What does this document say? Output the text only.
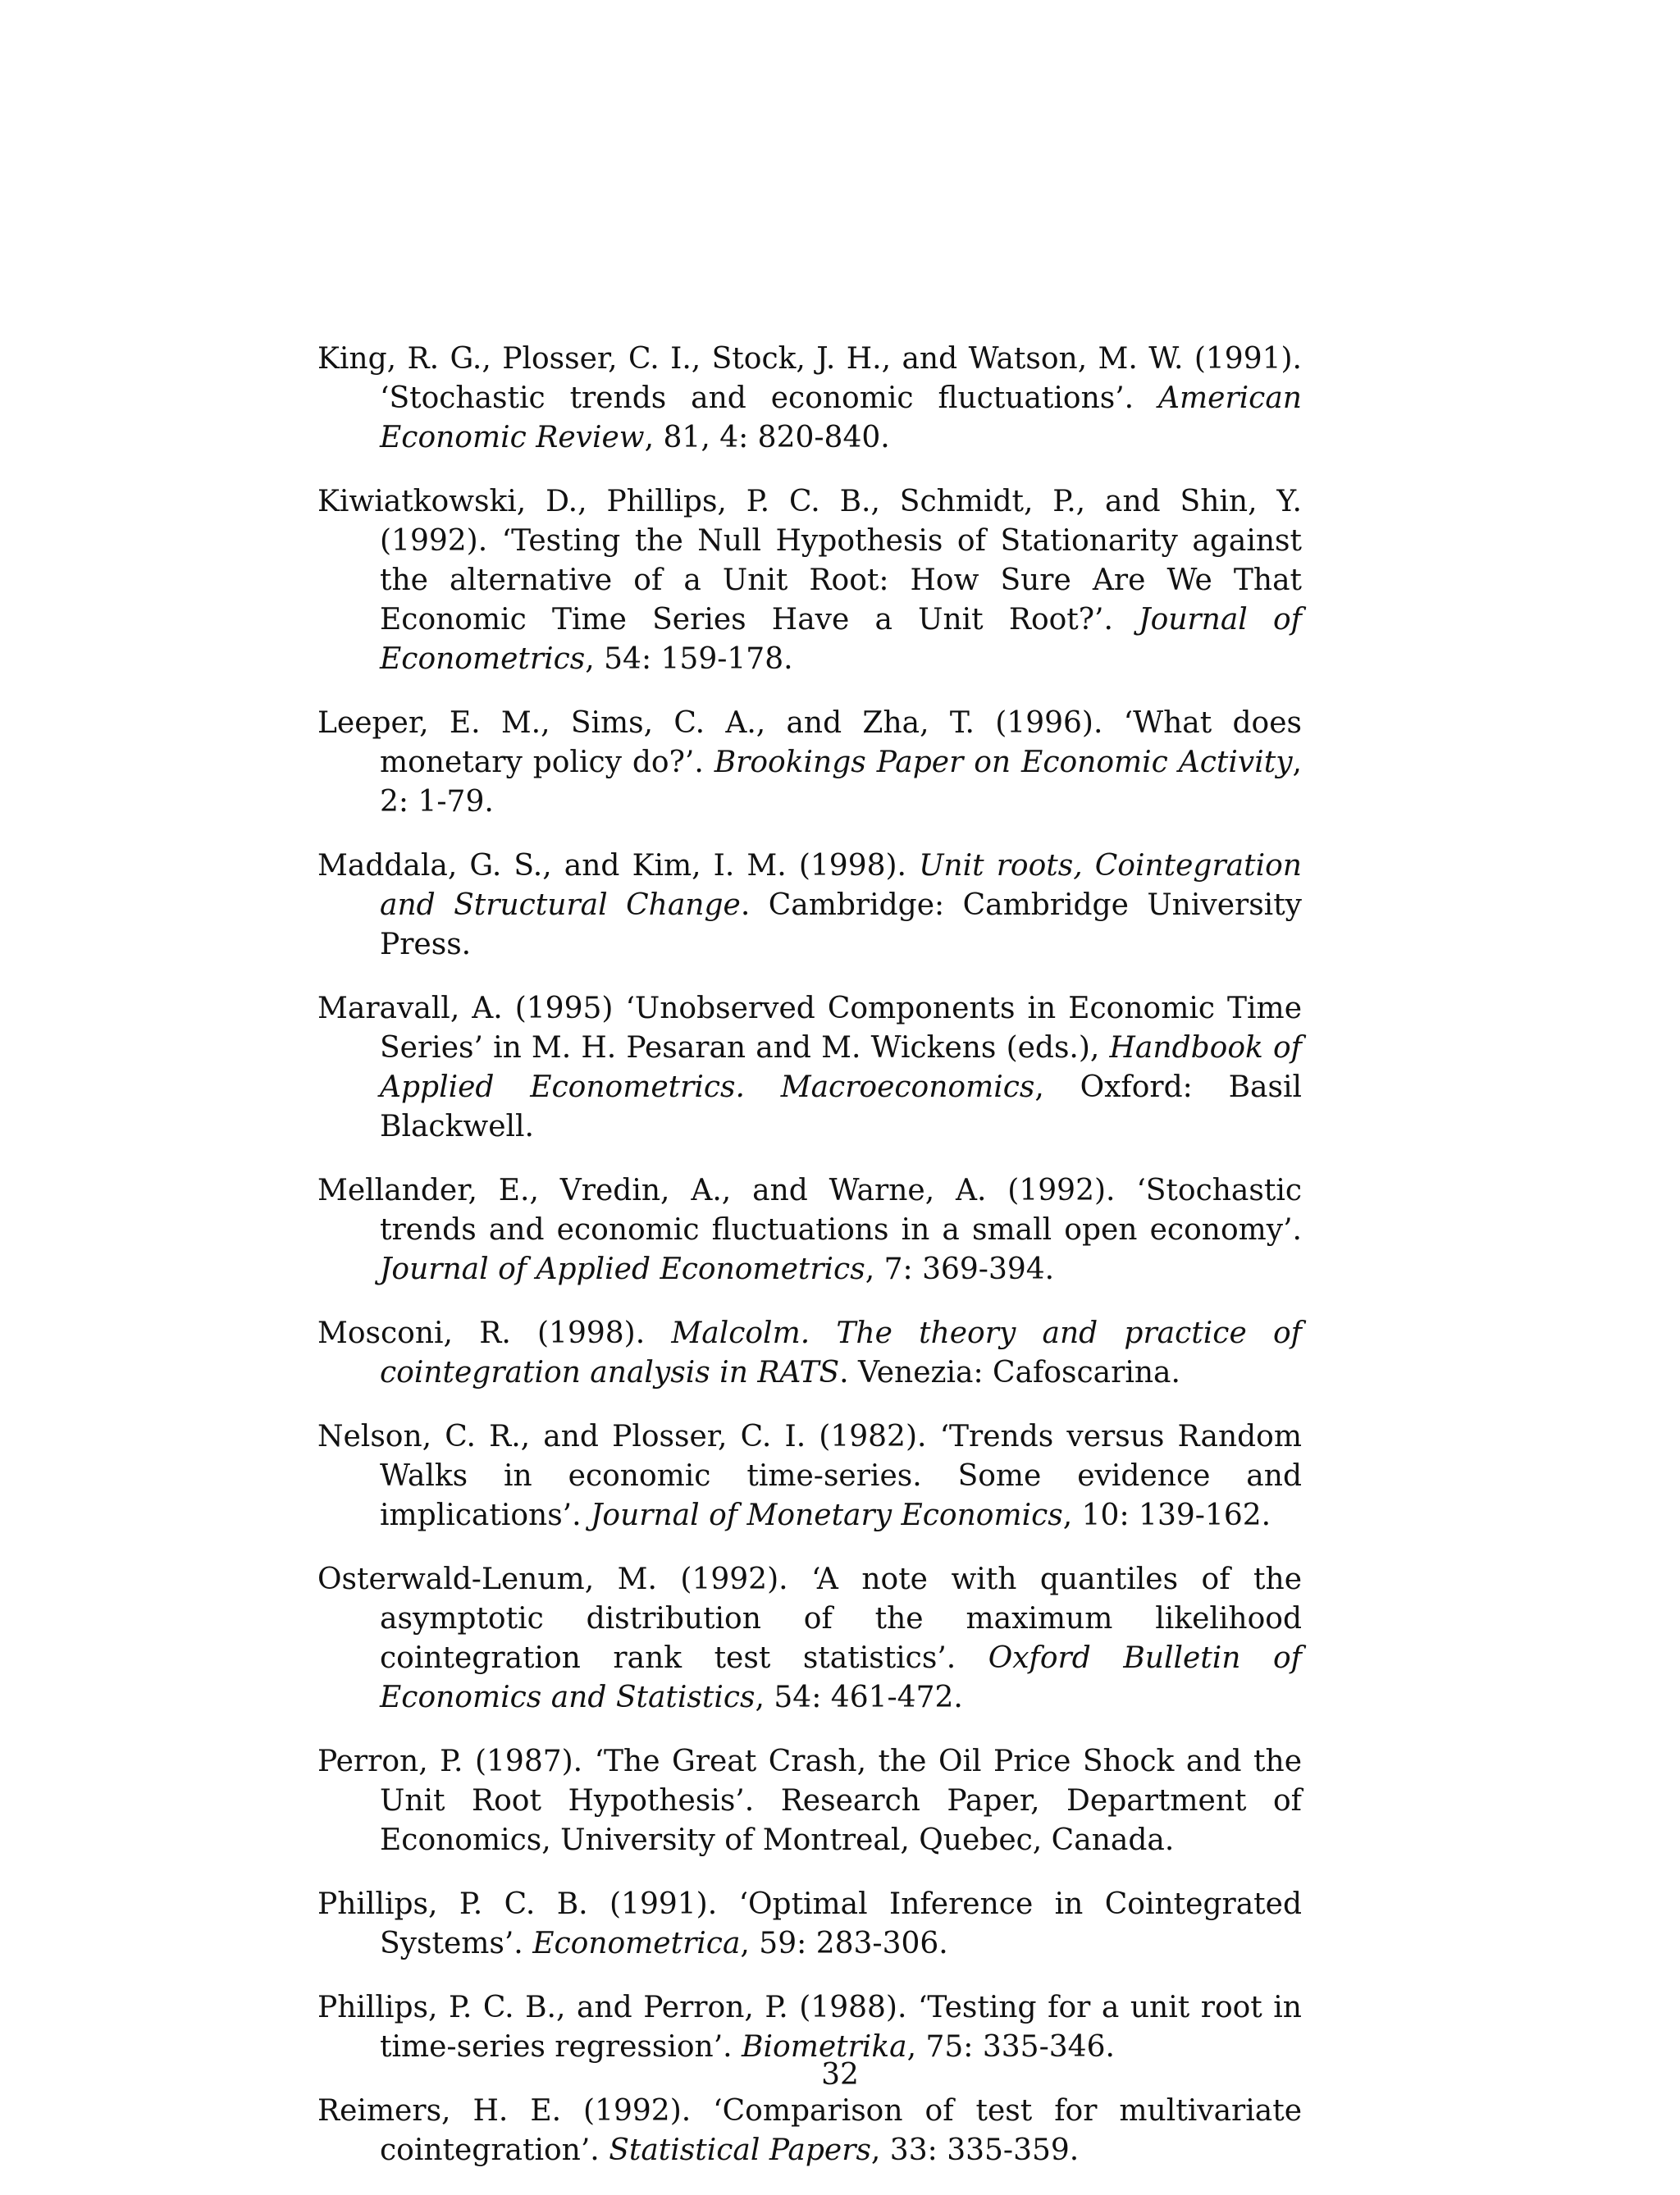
King, R. G., Plosser, C. I., Stock, J. H., and Watson, M. W. (1991). ‘Stochastic trends and economic fluctuations’. American Economic Review, 81, 4: 820-840.
Kiwiatkowski, D., Phillips, P. C. B., Schmidt, P., and Shin, Y. (1992). ‘Testing the Null Hypothesis of Stationarity against the alternative of a Unit Root: How Sure Are We That Economic Time Series Have a Unit Root?’. Journal of Econometrics, 54: 159-178.
Leeper, E. M., Sims, C. A., and Zha, T. (1996). ‘What does monetary policy do?’. Brookings Paper on Economic Activity, 2: 1-79.
Maddala, G. S., and Kim, I. M. (1998). Unit roots, Cointegration and Structural Change. Cambridge: Cambridge University Press.
Maravall, A. (1995) ‘Unobserved Components in Economic Time Series’ in M. H. Pesaran and M. Wickens (eds.), Handbook of Applied Econometrics. Macroeconomics, Oxford: Basil Blackwell.
Mellander, E., Vredin, A., and Warne, A. (1992). ‘Stochastic trends and economic fluctuations in a small open economy’. Journal of Applied Econometrics, 7: 369-394.
Mosconi, R. (1998). Malcolm. The theory and practice of cointegration analysis in RATS. Venezia: Cafoscarina.
Nelson, C. R., and Plosser, C. I. (1982). ‘Trends versus Random Walks in economic time-series. Some evidence and implications’. Journal of Monetary Economics, 10: 139-162.
Osterwald-Lenum, M. (1992). ‘A note with quantiles of the asymptotic distribution of the maximum likelihood cointegration rank test statistics’. Oxford Bulletin of Economics and Statistics, 54: 461-472.
Perron, P. (1987). ‘The Great Crash, the Oil Price Shock and the Unit Root Hypothesis’. Research Paper, Department of Economics, University of Montreal, Quebec, Canada.
Phillips, P. C. B. (1991). ‘Optimal Inference in Cointegrated Systems’. Econometrica, 59: 283-306.
Phillips, P. C. B., and Perron, P. (1988). ‘Testing for a unit root in time-series regression’. Biometrika, 75: 335-346.
Reimers, H. E. (1992). ‘Comparison of test for multivariate cointegration’. Statistical Papers, 33: 335-359.
32
